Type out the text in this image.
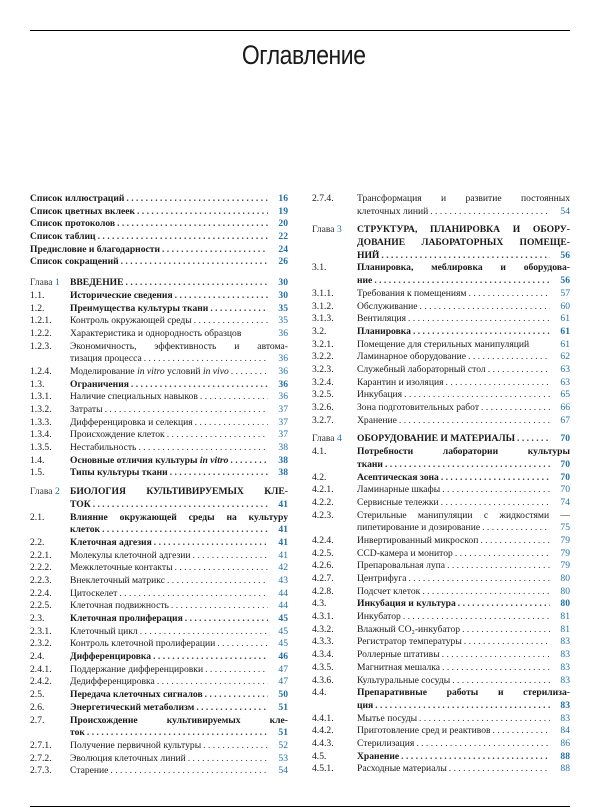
Оглавление
Список иллюстраций . . .	16
Список цветных вклеек . . .	19
Список протоколов . . .	20
Список таблиц . . .	22
Предисловие и благодарности . . .	24
Список сокращений . . .	26
Глава 1 ВВЕДЕНИЕ . . .	30
1.1.	Исторические сведения . . .	30
1.2.	Преимущества культуры ткани . . .	35
1.2.1. Контроль окружающей среды . . .	35
1.2.2. Характеристика и однородность образцов	36
1.2.3. Экономичность, эффективность и автома-
тизация процесса . . .	36
1.2.4. Моделирование in vitro условий in vivo . . .	36
1.3.	Ограничения . . .	36
1.3.1. Наличие специальных навыков . . .	36
1.3.2. Затраты . . .	37
1.3.3. Дифференцировка и селекция . . .	37
1.3.4. Происхождение клеток . . .	37
1.3.5. Нестабильность . . .	38
1.4.	Основные отличия культуры in vitro . . .	38
1.5.	Типы культуры ткани . . .	38
Глава 2 БИОЛОГИЯ КУЛЬТИВИРУЕМЫХ КЛЕ-
ТОК . . .	41
2.1.	Влияние окружающей среды на культуру
клеток . . .	41
2.2.	Клеточная адгезия . . .	41
2.2.1. Молекулы клеточной адгезии . . .	41
2.2.2. Межклеточные контакты . . .	42
2.2.3. Внеклеточный матрикс . . .	43
2.2.4. Цитоскелет . . .	44
2.2.5. Клеточная подвижность . . .	44
2.3.	Клеточная пролиферация . . .	45
2.3.1. Клеточный цикл . . .	45
2.3.2. Контроль клеточной пролиферации . . .	45
2.4.	Дифференцировка . . .	46
2.4.1. Поддержание дифференцировки . . .	47
2.4.2. Дедифференцировка . . .	47
2.5.	Передача клеточных сигналов . . .	50
2.6.	Энергетический метаболизм . . .	51
2.7.	Происхождение культивируемых кле-
ток . . .	51
2.7.1. Получение первичной культуры . . .	52
2.7.2. Эволюция клеточных линий . . .	53
2.7.3. Старение . . .	54
2.7.4. Трансформация и развитие постоянных
клеточных линий . . .	54
Глава 3 СТРУКТУРА, ПЛАНИРОВКА И ОБОРУ-
ДОВАНИЕ ЛАБОРАТОРНЫХ ПОМЕЩЕ-
НИЙ . . .	56
3.1.	Планировка, меблировка и оборудова-
ние . . .	56
3.1.1. Требования к помещениям . . .	57
3.1.2. Обслуживание . . .	60
3.1.3. Вентиляция . . .	61
3.2.	Планировка . . .	61
3.2.1. Помещение для стерильных манипуляций	61
3.2.2. Ламинарное оборудование . . .	62
3.2.3. Служебный лабораторный стол . . .	63
3.2.4. Карантин и изоляция . . .	63
3.2.5. Инкубация . . .	65
3.2.6. Зона подготовительных работ . . .	66
3.2.7. Хранение . . .	67
Глава 4 ОБОРУДОВАНИЕ И МАТЕРИАЛЫ . . .	70
4.1.	Потребности лаборатории культуры
ткани . . .	70
4.2.	Асептическая зона . . .	70
4.2.1. Ламинарные шкафы . . .	70
4.2.2. Сервисные тележки . . .	74
4.2.3. Стерильные манипуляции с жидкостями —
пипетирование и дозирование . . .	75
4.2.4. Инвертированный микроскоп . . .	79
4.2.5. CCD-камера и монитор . . .	79
4.2.6. Препаровальная лупа . . .	79
4.2.7. Центрифуга . . .	80
4.2.8. Подсчет клеток . . .	80
4.3.	Инкубация и культура . . .	80
4.3.1. Инкубатор . . .	81
4.3.2. Влажный CO₂-инкубатор . . .	81
4.3.3. Регистратор температуры . . .	83
4.3.4. Роллерные штативы . . .	83
4.3.5. Магнитная мешалка . . .	83
4.3.6. Культуральные сосуды . . .	83
4.4.	Препаративные работы и стерилиза-
ция . . .	83
4.4.1. Мытье посуды . . .	83
4.4.2. Приготовление сред и реактивов . . .	84
4.4.3. Стерилизация . . .	86
4.5.	Хранение . . .	88
4.5.1. Расходные материалы . . .	88
